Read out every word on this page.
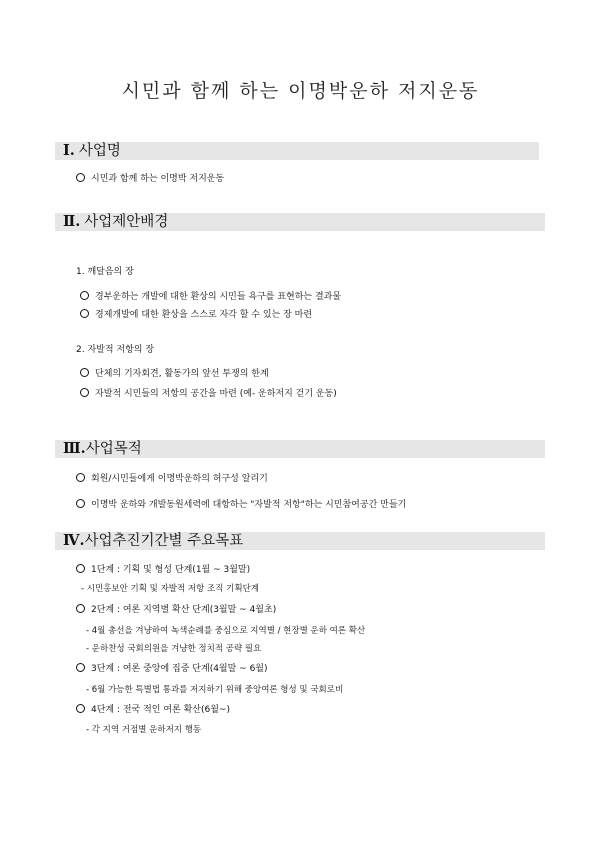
시민과 함께 하는 이명박운하 저지운동
Ⅰ. 사업명
시민과 함께 하는 이명박 저지운동
Ⅱ. 사업제안배경
1. 깨달음의 장
경부운하는 개발에 대한 환상의 시민들 욕구를 표현하는 결과물
경제개발에 대한 환상을 스스로 자각 할 수 있는 장 마련
2. 자발적 저항의 장
단체의 기자회견, 활동가의 앞선 투쟁의 한계
자발적 시민들의 저항의 공간을 마련 (예- 운하저지 걷기 운동)
Ⅲ.사업목적
회원/시민들에게 이명박운하의 허구성 알리기
이명박 운하와 개발동원세력에 대항하는 "자발적 저항"하는 시민참여공간 만들기
Ⅳ.사업추진기간별 주요목표
1단계 : 기획 및 형성 단계(1월 ~ 3월말)
- 시민홍보안 기획 및 자발적 저항 조직 기획단계
2단계 : 여론 지역별 확산 단계(3월말 ~ 4월초)
- 4월 총선을 겨냥하여 녹색순례를 중심으로 지역별 / 현장별 운하 여론 확산
- 운하찬성 국회의원을 겨냥한 정치적 공략 필요
3단계 : 여론 중앙에 집중 단계(4월말 ~ 6월)
- 6월 가능한 특별법 통과를 저지하기 위해 중앙여론 형성 및 국회로비
4단계 : 전국 적인 여론 확산(6월~)
- 각 지역 거점별 운하저지 행동
